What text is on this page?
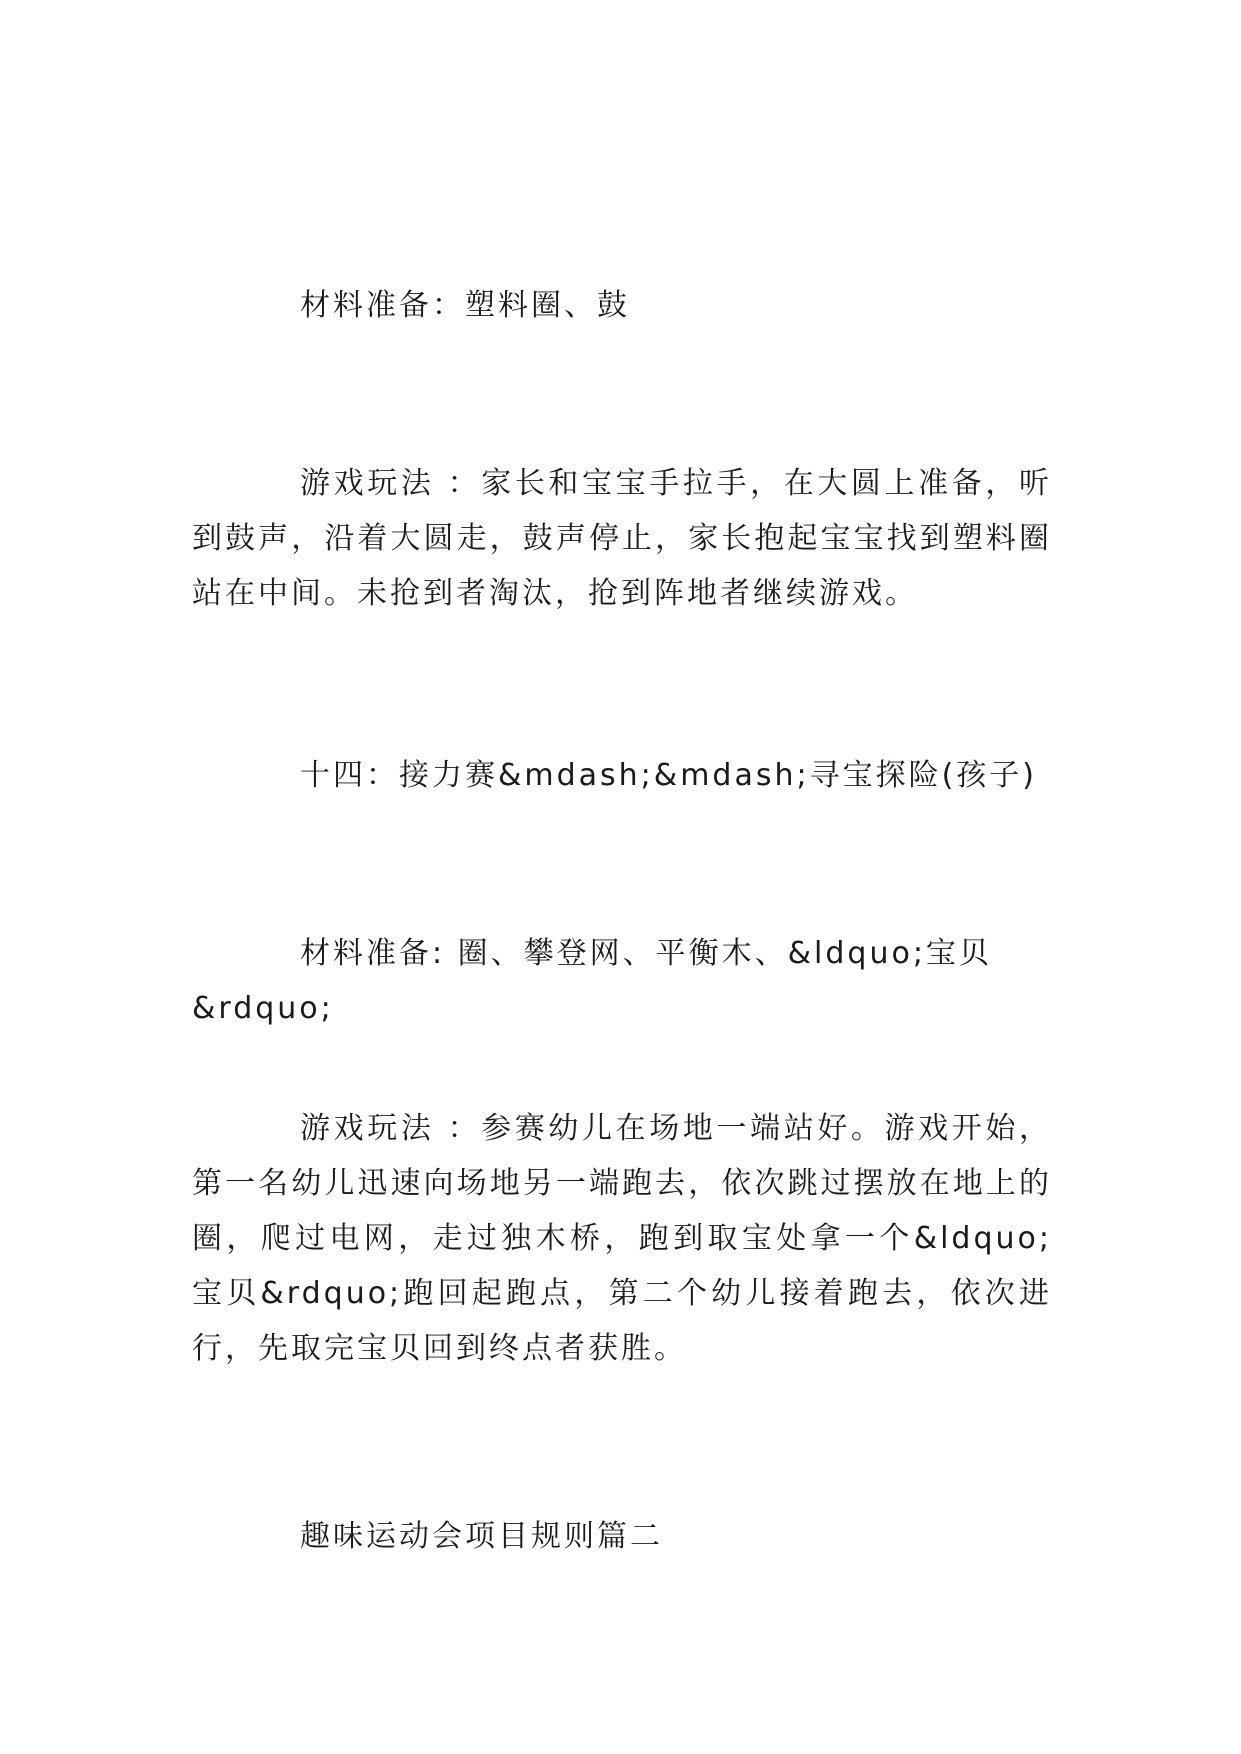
材料准备：塑料圈、鼓

游戏玩法 ：家长和宝宝手拉手，在大圆上准备，听到鼓声，沿着大圆走，鼓声停止，家长抱起宝宝找到塑料圈站在中间。未抢到者淘汰，抢到阵地者继续游戏。

十四：接力赛&mdash;&mdash;寻宝探险(孩子)

材料准备: 圈、攀登网、平衡木、&ldquo;宝贝&rdquo;

游戏玩法 ：参赛幼儿在场地一端站好。游戏开始，第一名幼儿迅速向场地另一端跑去，依次跳过摆放在地上的圈，爬过电网，走过独木桥，跑到取宝处拿一个&ldquo;宝贝&rdquo;跑回起跑点，第二个幼儿接着跑去，依次进行，先取完宝贝回到终点者获胜。

趣味运动会项目规则篇二
